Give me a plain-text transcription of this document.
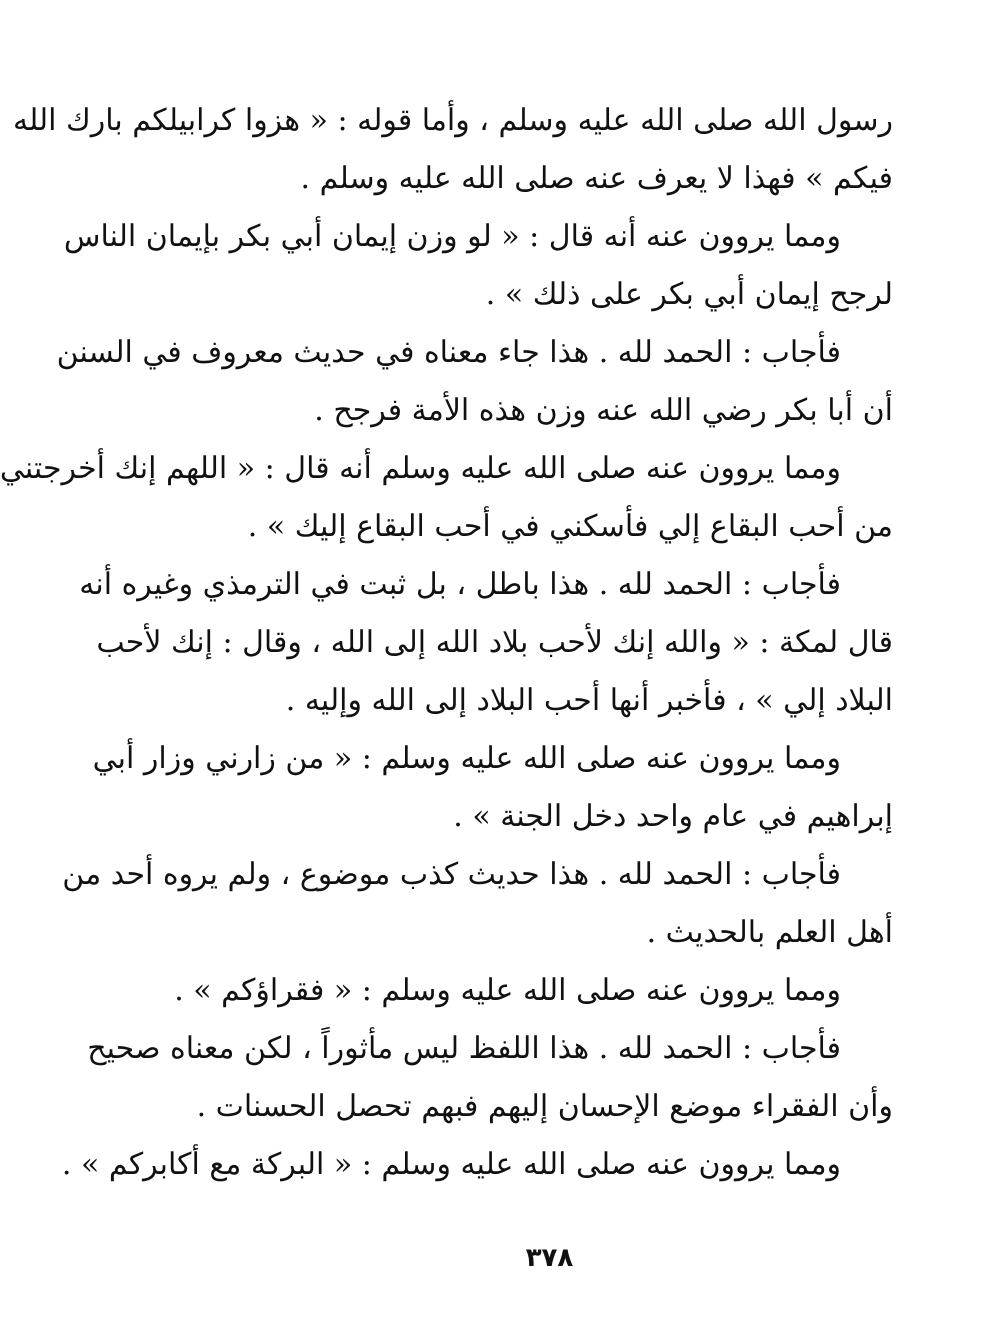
رسول الله صلى الله عليه وسلم ، وأما قوله : « هزوا كرابيلكم بارك الله
فيكم » فهذا لا يعرف عنه صلى الله عليه وسلم .
ومما يروون عنه أنه قال : « لو وزن إيمان أبي بكر بإيمان الناس
لرجح إيمان أبي بكر على ذلك » .
فأجاب : الحمد لله . هذا جاء معناه في حديث معروف في السنن
أن أبا بكر رضي الله عنه وزن هذه الأمة فرجح .
ومما يروون عنه صلى الله عليه وسلم أنه قال : « اللهم إنك أخرجتني
من أحب البقاع إلي فأسكني في أحب البقاع إليك » .
فأجاب : الحمد لله . هذا باطل ، بل ثبت في الترمذي وغيره أنه
قال لمكة : « والله إنك لأحب بلاد الله إلى الله ، وقال : إنك لأحب
البلاد إلي » ، فأخبر أنها أحب البلاد إلى الله وإليه .
ومما يروون عنه صلى الله عليه وسلم : « من زارني وزار أبي
إبراهيم في عام واحد دخل الجنة » .
فأجاب : الحمد لله . هذا حديث كذب موضوع ، ولم يروه أحد من
أهل العلم بالحديث .
ومما يروون عنه صلى الله عليه وسلم : « فقراؤكم » .
فأجاب : الحمد لله . هذا اللفظ ليس مأثوراً ، لكن معناه صحيح
وأن الفقراء موضع الإحسان إليهم فبهم تحصل الحسنات .
ومما يروون عنه صلى الله عليه وسلم : « البركة مع أكابركم » .
٣٧٨
